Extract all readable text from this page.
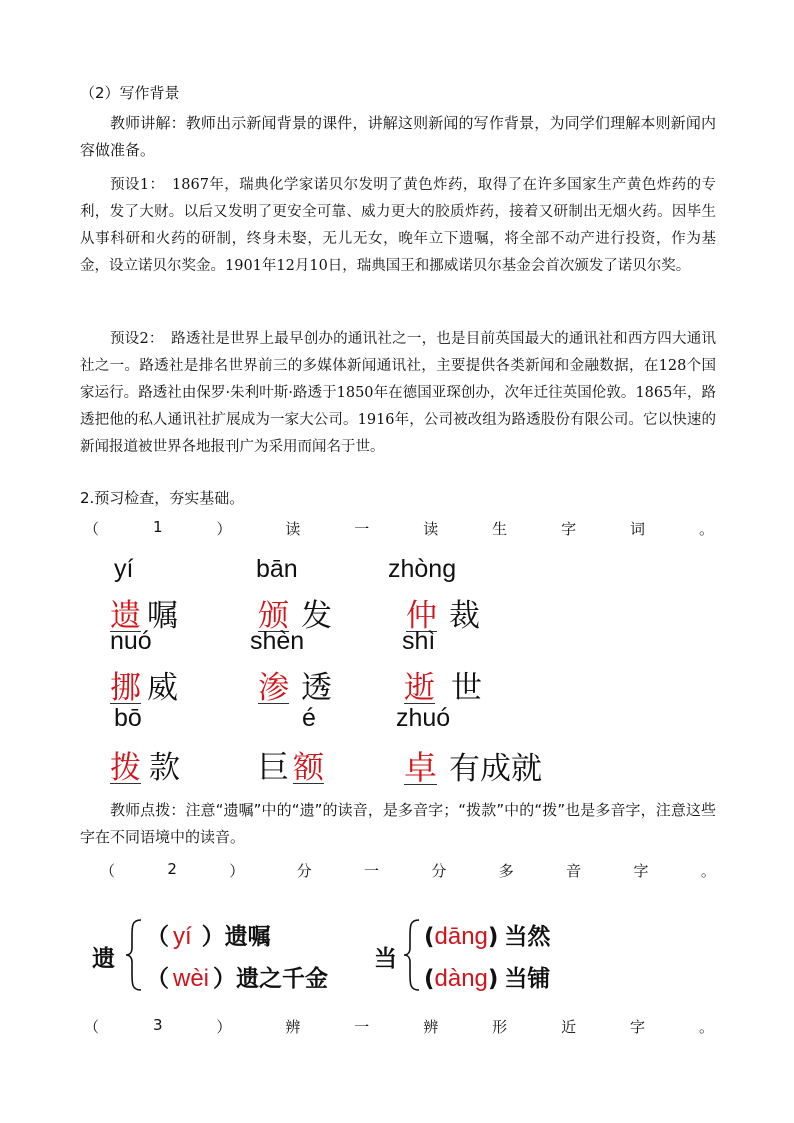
（2）写作背景
教师讲解：教师出示新闻背景的课件，讲解这则新闻的写作背景，为同学们理解本则新闻内容做准备。
预设1：　1867年，瑞典化学家诺贝尔发明了黄色炸药，取得了在许多国家生产黄色炸药的专利，发了大财。以后又发明了更安全可靠、威力更大的胶质炸药，接着又研制出无烟火药。因毕生从事科研和火药的研制，终身未娶，无儿无女，晚年立下遗嘱，将全部不动产进行投资，作为基金，设立诺贝尔奖金。1901年12月10日，瑞典国王和挪威诺贝尔基金会首次颁发了诺贝尔奖。
预设2：　路透社是世界上最早创办的通讯社之一，也是目前英国最大的通讯社和西方四大通讯社之一。路透社是排名世界前三的多媒体新闻通讯社，主要提供各类新闻和金融数据，在128个国家运行。路透社由保罗·朱利叶斯·路透于1850年在德国亚琛创办，次年迁往英国伦敦。1865年，路透把他的私人通讯社扩展成为一家大公司。1916年，公司被改组为路透股份有限公司。它以快速的新闻报道被世界各地报刊广为采用而闻名于世。
2.预习检查，夯实基础。
（	1	）	读	一	读	生	字	词	。
yí
遗 嘱
bān
颁 发
zhòng
仲 裁
nuó
挪 威
shèn
渗 透
shì
逝 世
bō
拨 款
é
巨 额
zhuó
卓 有成就
教师点拨：注意“遗嘱”中的“遗”的读音，是多音字；“拨款”中的“拨”也是多音字，注意这些字在不同语境中的读音。
（	2	）	分	一	分	多	音	字	。
遗
（ yí ）遗嘱
（ wèi ）遗之千金
当
(dāng) 当然
(dàng) 当铺
（	3	）	辨	一	辨	形	近	字	。
